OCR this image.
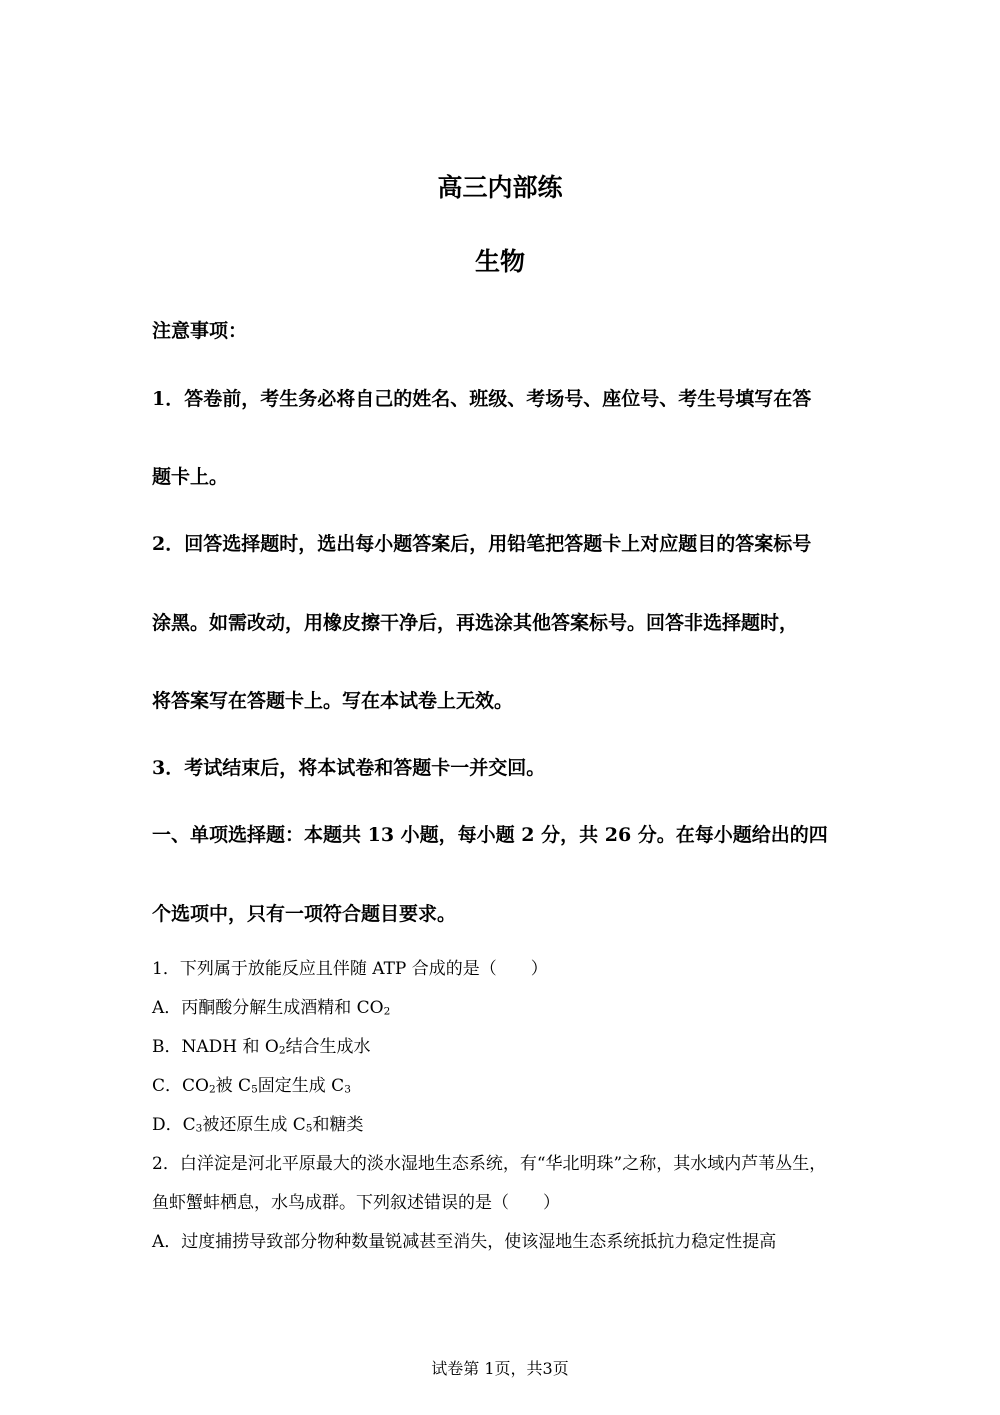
高三内部练
生物
注意事项：
1．答卷前，考生务必将自己的姓名、班级、考场号、座位号、考生号填写在答
题卡上。
2．回答选择题时，选出每小题答案后，用铅笔把答题卡上对应题目的答案标号
涂黑。如需改动，用橡皮擦干净后，再选涂其他答案标号。回答非选择题时，
将答案写在答题卡上。写在本试卷上无效。
3．考试结束后，将本试卷和答题卡一并交回。
一、单项选择题：本题共 13 小题，每小题 2 分，共 26 分。在每小题给出的四
个选项中，只有一项符合题目要求。
1．下列属于放能反应且伴随 ATP 合成的是（　　）
A．丙酮酸分解生成酒精和 CO2
B．NADH 和 O2结合生成水
C．CO2被 C5固定生成 C3
D．C3被还原生成 C5和糖类
2．白洋淀是河北平原最大的淡水湿地生态系统，有“华北明珠”之称，其水域内芦苇丛生，
鱼虾蟹蚌栖息，水鸟成群。下列叙述错误的是（　　）
A．过度捕捞导致部分物种数量锐减甚至消失，使该湿地生态系统抵抗力稳定性提高
试卷第 1页，共3页
